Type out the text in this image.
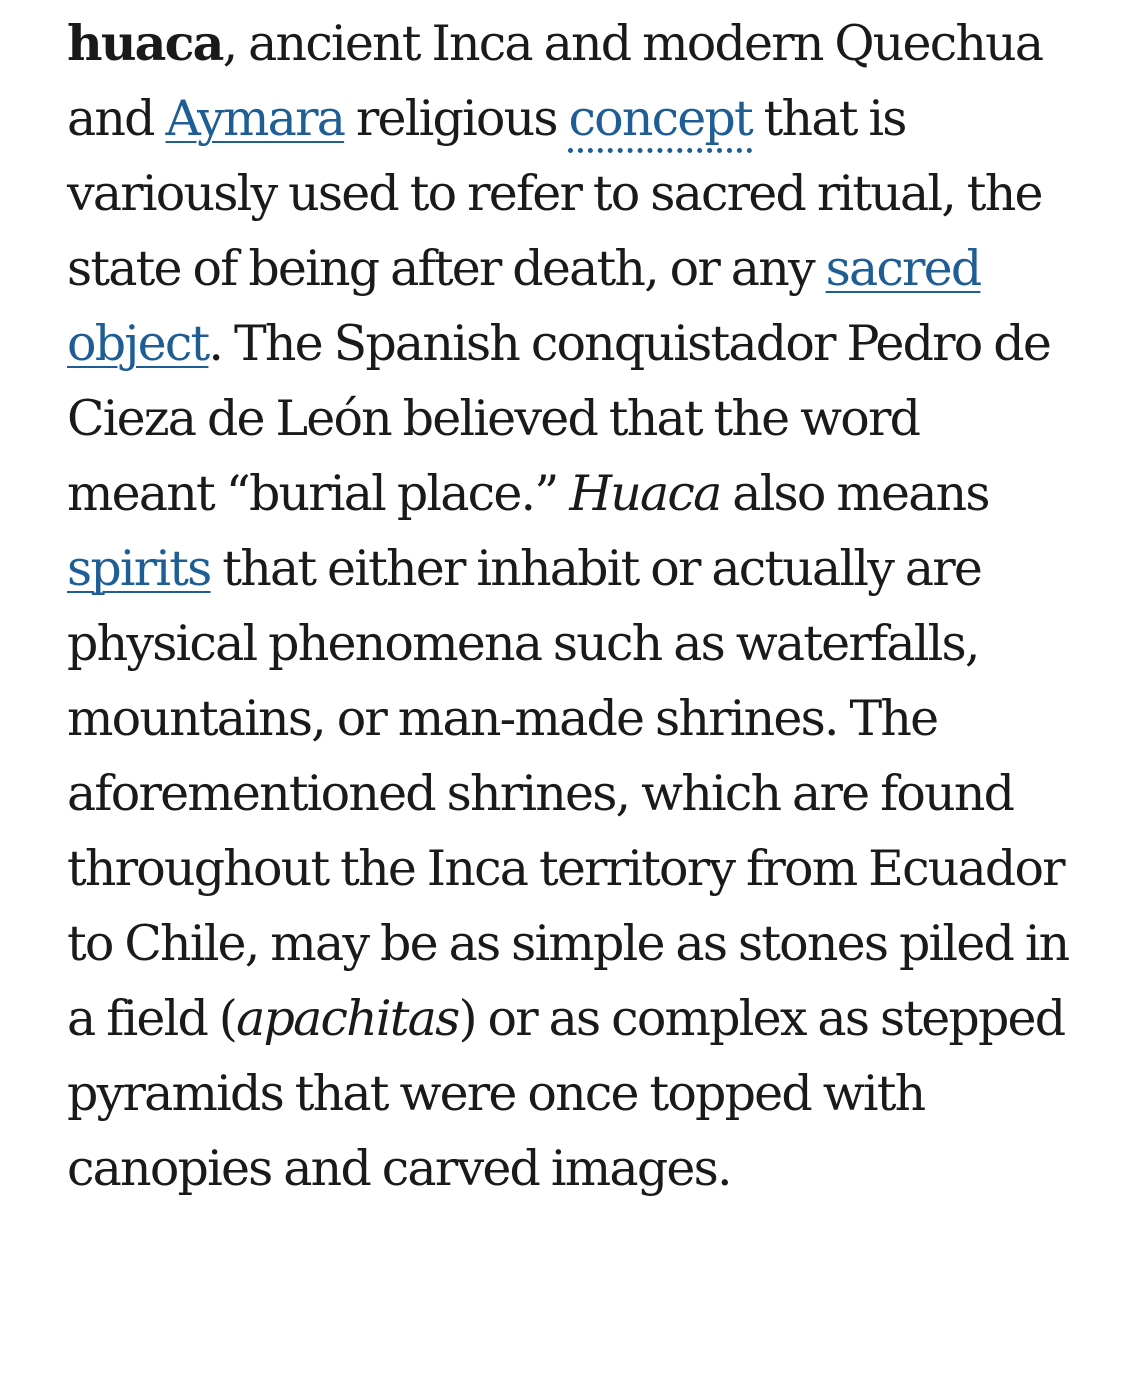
huaca, ancient Inca and modern Quechua and Aymara religious concept that is variously used to refer to sacred ritual, the state of being after death, or any sacred object. The Spanish conquistador Pedro de Cieza de León believed that the word meant “burial place.” Huaca also means spirits that either inhabit or actually are physical phenomena such as waterfalls, mountains, or man-made shrines. The aforementioned shrines, which are found throughout the Inca territory from Ecuador to Chile, may be as simple as stones piled in a field (apachitas) or as complex as stepped pyramids that were once topped with canopies and carved images.
